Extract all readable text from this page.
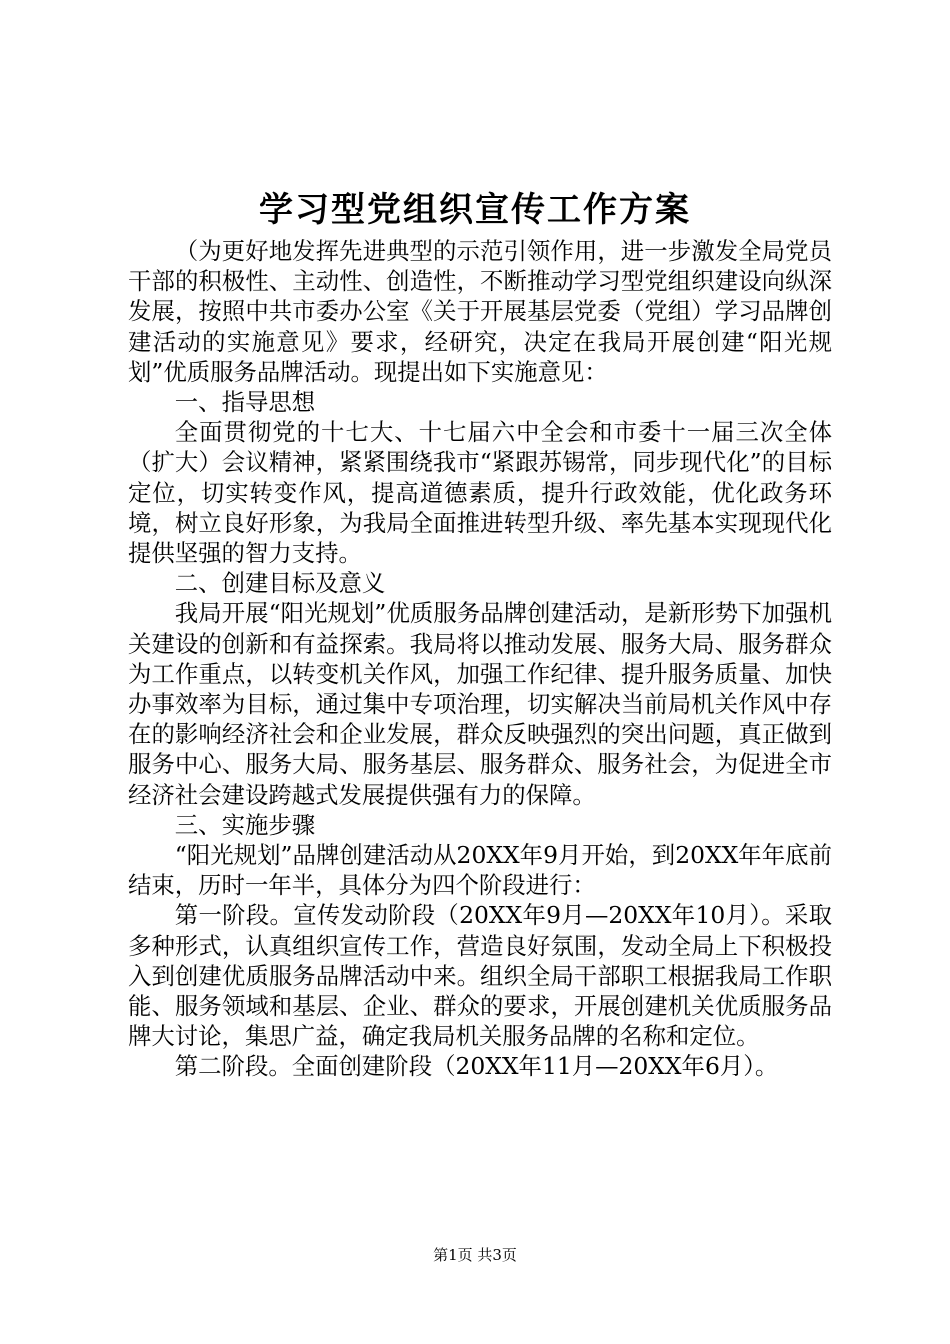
学习型党组织宣传工作方案

（为更好地发挥先进典型的示范引领作用，进一步激发全局党员干部的积极性、主动性、创造性，不断推动学习型党组织建设向纵深发展，按照中共市委办公室《关于开展基层党委（党组）学习品牌创建活动的实施意见》要求，经研究，决定在我局开展创建“阳光规划”优质服务品牌活动。现提出如下实施意见：

一、指导思想

全面贯彻党的十七大、十七届六中全会和市委十一届三次全体（扩大）会议精神，紧紧围绕我市“紧跟苏锡常，同步现代化”的目标定位，切实转变作风，提高道德素质，提升行政效能，优化政务环境，树立良好形象，为我局全面推进转型升级、率先基本实现现代化提供坚强的智力支持。

二、创建目标及意义

我局开展“阳光规划”优质服务品牌创建活动，是新形势下加强机关建设的创新和有益探索。我局将以推动发展、服务大局、服务群众为工作重点，以转变机关作风，加强工作纪律、提升服务质量、加快办事效率为目标，通过集中专项治理，切实解决当前局机关作风中存在的影响经济社会和企业发展，群众反映强烈的突出问题，真正做到服务中心、服务大局、服务基层、服务群众、服务社会，为促进全市经济社会建设跨越式发展提供强有力的保障。

三、实施步骤

“阳光规划”品牌创建活动从20XX年9月开始，到20XX年年底前结束，历时一年半，具体分为四个阶段进行：

第一阶段。宣传发动阶段（20XX年9月—20XX年10月）。采取多种形式，认真组织宣传工作，营造良好氛围，发动全局上下积极投入到创建优质服务品牌活动中来。组织全局干部职工根据我局工作职能、服务领域和基层、企业、群众的要求，开展创建机关优质服务品牌大讨论，集思广益，确定我局机关服务品牌的名称和定位。

第二阶段。全面创建阶段（20XX年11月—20XX年6月）。

第1页 共3页
